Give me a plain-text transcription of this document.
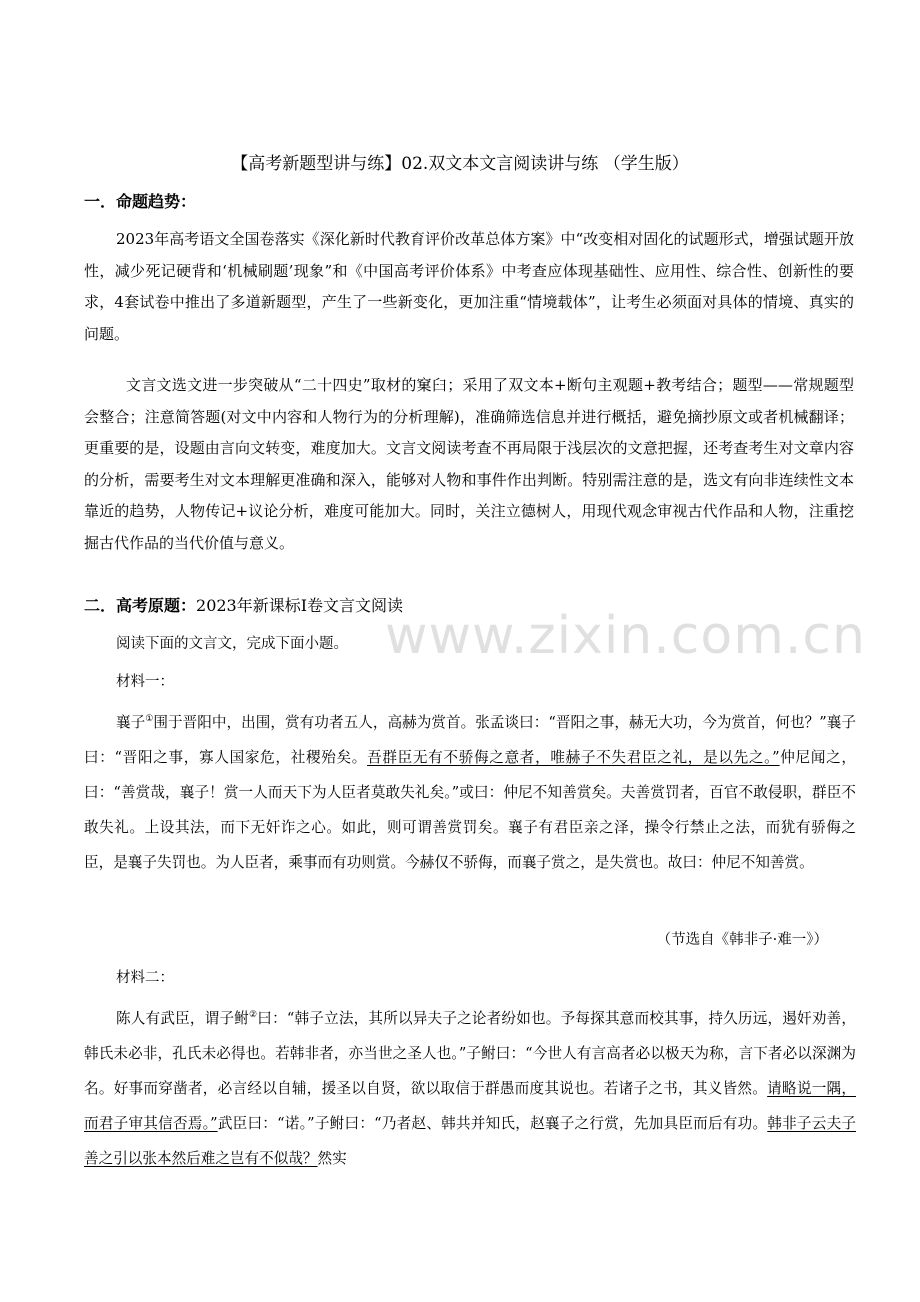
【高考新题型讲与练】02.双文本文言阅读讲与练 （学生版）
一．命题趋势：

2023年高考语文全国卷落实《深化新时代教育评价改革总体方案》中“改变相对固化的试题形式，增强试题开放性，减少死记硬背和‘机械刷题’现象”和《中国高考评价体系》中考查应体现基础性、应用性、综合性、创新性的要求，4套试卷中推出了多道新题型，产生了一些新变化，更加注重“情境载体”，让考生必须面对具体的情境、真实的问题。

文言文选文进一步突破从“二十四史”取材的窠臼；采用了双文本+断句主观题+教考结合；题型——常规题型会整合；注意简答题(对文中内容和人物行为的分析理解)，准确筛选信息并进行概括，避免摘抄原文或者机械翻译；更重要的是，设题由言向文转变，难度加大。文言文阅读考查不再局限于浅层次的文意把握，还考查考生对文章内容的分析，需要考生对文本理解更准确和深入，能够对人物和事件作出判断。特别需注意的是，选文有向非连续性文本靠近的趋势，人物传记+议论分析，难度可能加大。同时，关注立德树人，用现代观念审视古代作品和人物，注重挖掘古代作品的当代价值与意义。

二．高考原题：2023年新课标Ⅰ卷文言文阅读
阅读下面的文言文，完成下面小题。
材料一：

襄子①围于晋阳中，出围，赏有功者五人，高赫为赏首。张孟谈曰：“晋阳之事，赫无大功，今为赏首，何也？”襄子曰：“晋阳之事，寡人国家危，社稷殆矣。吾群臣无有不骄侮之意者，唯赫子不失君臣之礼，是以先之。”仲尼闻之，曰：“善赏哉，襄子！赏一人而天下为人臣者莫敢失礼矣。”或曰：仲尼不知善赏矣。夫善赏罚者，百官不敢侵职，群臣不敢失礼。上设其法，而下无奸诈之心。如此，则可谓善赏罚矣。襄子有君臣亲之泽，操令行禁止之法，而犹有骄侮之臣，是襄子失罚也。为人臣者，乘事而有功则赏。今赫仅不骄侮，而襄子赏之，是失赏也。故曰：仲尼不知善赏。

（节选自《韩非子·难一》）
材料二：

陈人有武臣，谓子鲋②曰：“韩子立法，其所以异夫子之论者纷如也。予每探其意而校其事，持久历远，遏奸劝善，韩氏未必非，孔氏未必得也。若韩非者，亦当世之圣人也。”子鲋曰：“今世人有言高者必以极天为称，言下者必以深渊为名。好事而穿凿者，必言经以自辅，援圣以自贤，欲以取信于群愚而度其说也。若诸子之书，其义皆然。请略说一隅，而君子审其信否焉。”武臣曰：“诺。”子鲋曰：“乃者赵、韩共并知氏，赵襄子之行赏，先加具臣而后有功。韩非子云夫子善之引以张本然后难之岂有不似哉？然实

www.zixin.com.cn
